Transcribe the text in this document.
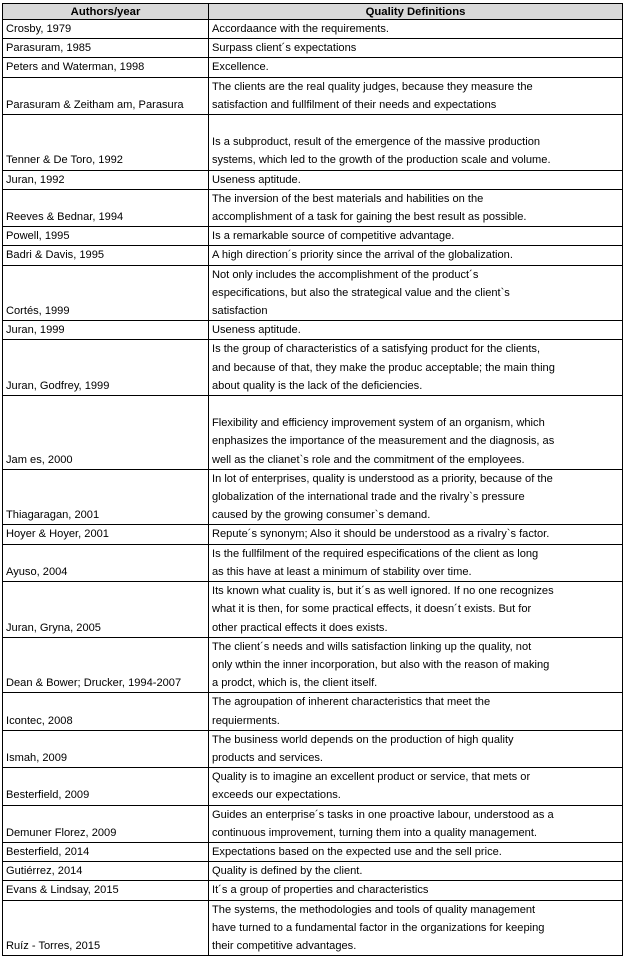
Authors/year	Quality Definitions
Crosby, 1979	Accordaance with the requirements.

Parasuram, 1985	Surpass client´s expectations

Peters and Waterman, 1998	Excellence.

Parasuram & Zeitham am, Parasura	The clients are the real quality judges, because they measure the
satisfaction and fullfilment of their needs and expectations

Tenner & De Toro, 1992	Is a subproduct, result of the emergence of the massive production
systems, which led to the growth of the production scale and volume.

Juran, 1992	Useness aptitude.

Reeves & Bednar, 1994	The inversion of the best materials and habilities on the
accomplishment of a task for gaining the best result as possible.

Powell, 1995	Is a remarkable source of competitive advantage.

Badri & Davis, 1995	A high direction´s priority since the arrival of the globalization.

Cortés, 1999	Not only includes the accomplishment of the product´s
especifications, but also the strategical value and the client`s
satisfaction

Juran, 1999	Useness aptitude.

Juran, Godfrey, 1999	Is the group of characteristics of a satisfying product for the clients,
and because of that, they make the produc acceptable; the main thing
about quality is the lack of the deficiencies.

Jam es, 2000	Flexibility and efficiency improvement system of an organism, which
enphasizes the importance of the measurement and the diagnosis, as
well as the clianet`s role and the commitment of the employees.

Thiagaragan, 2001	In lot of enterprises, quality is understood as a priority, because of the
globalization of the international trade and the rivalry`s pressure
caused by the growing consumer`s demand.

Hoyer & Hoyer, 2001	Repute´s synonym; Also it should be understood as a rivalry`s factor.

Ayuso, 2004	Is the fullfilment of the required especifications of the client as long
as this have at least a minimum of stability over time.

Juran, Gryna, 2005	Its known what cuality is, but it´s as well ignored. If no one recognizes
what it is then, for some practical effects, it doesn´t exists. But for
other practical effects it does exists.

Dean & Bower; Drucker, 1994-2007	The client´s needs and wills satisfaction linking up the quality, not
only wthin the inner incorporation, but also with the reason of making
a prodct, which is, the client itself.

Icontec, 2008	The agroupation of inherent characteristics that meet the
requierments.

Ismah, 2009	The business world depends on the production of high quality
products and services.

Besterfield, 2009	Quality is to imagine an excellent product or service, that mets or
exceeds our expectations.

Demuner Florez, 2009	Guides an enterprise´s tasks in one proactive labour, understood as a
continuous improvement, turning them into a quality management.

Besterfield, 2014	Expectations based on the expected use and the sell price.

Gutiérrez, 2014	Quality is defined by the client.

Evans & Lindsay, 2015	It´s a group of properties and characteristics

Ruíz - Torres, 2015	The systems, the methodologies and tools of quality management
have turned to a fundamental factor in the organizations for keeping
their competitive advantages.
